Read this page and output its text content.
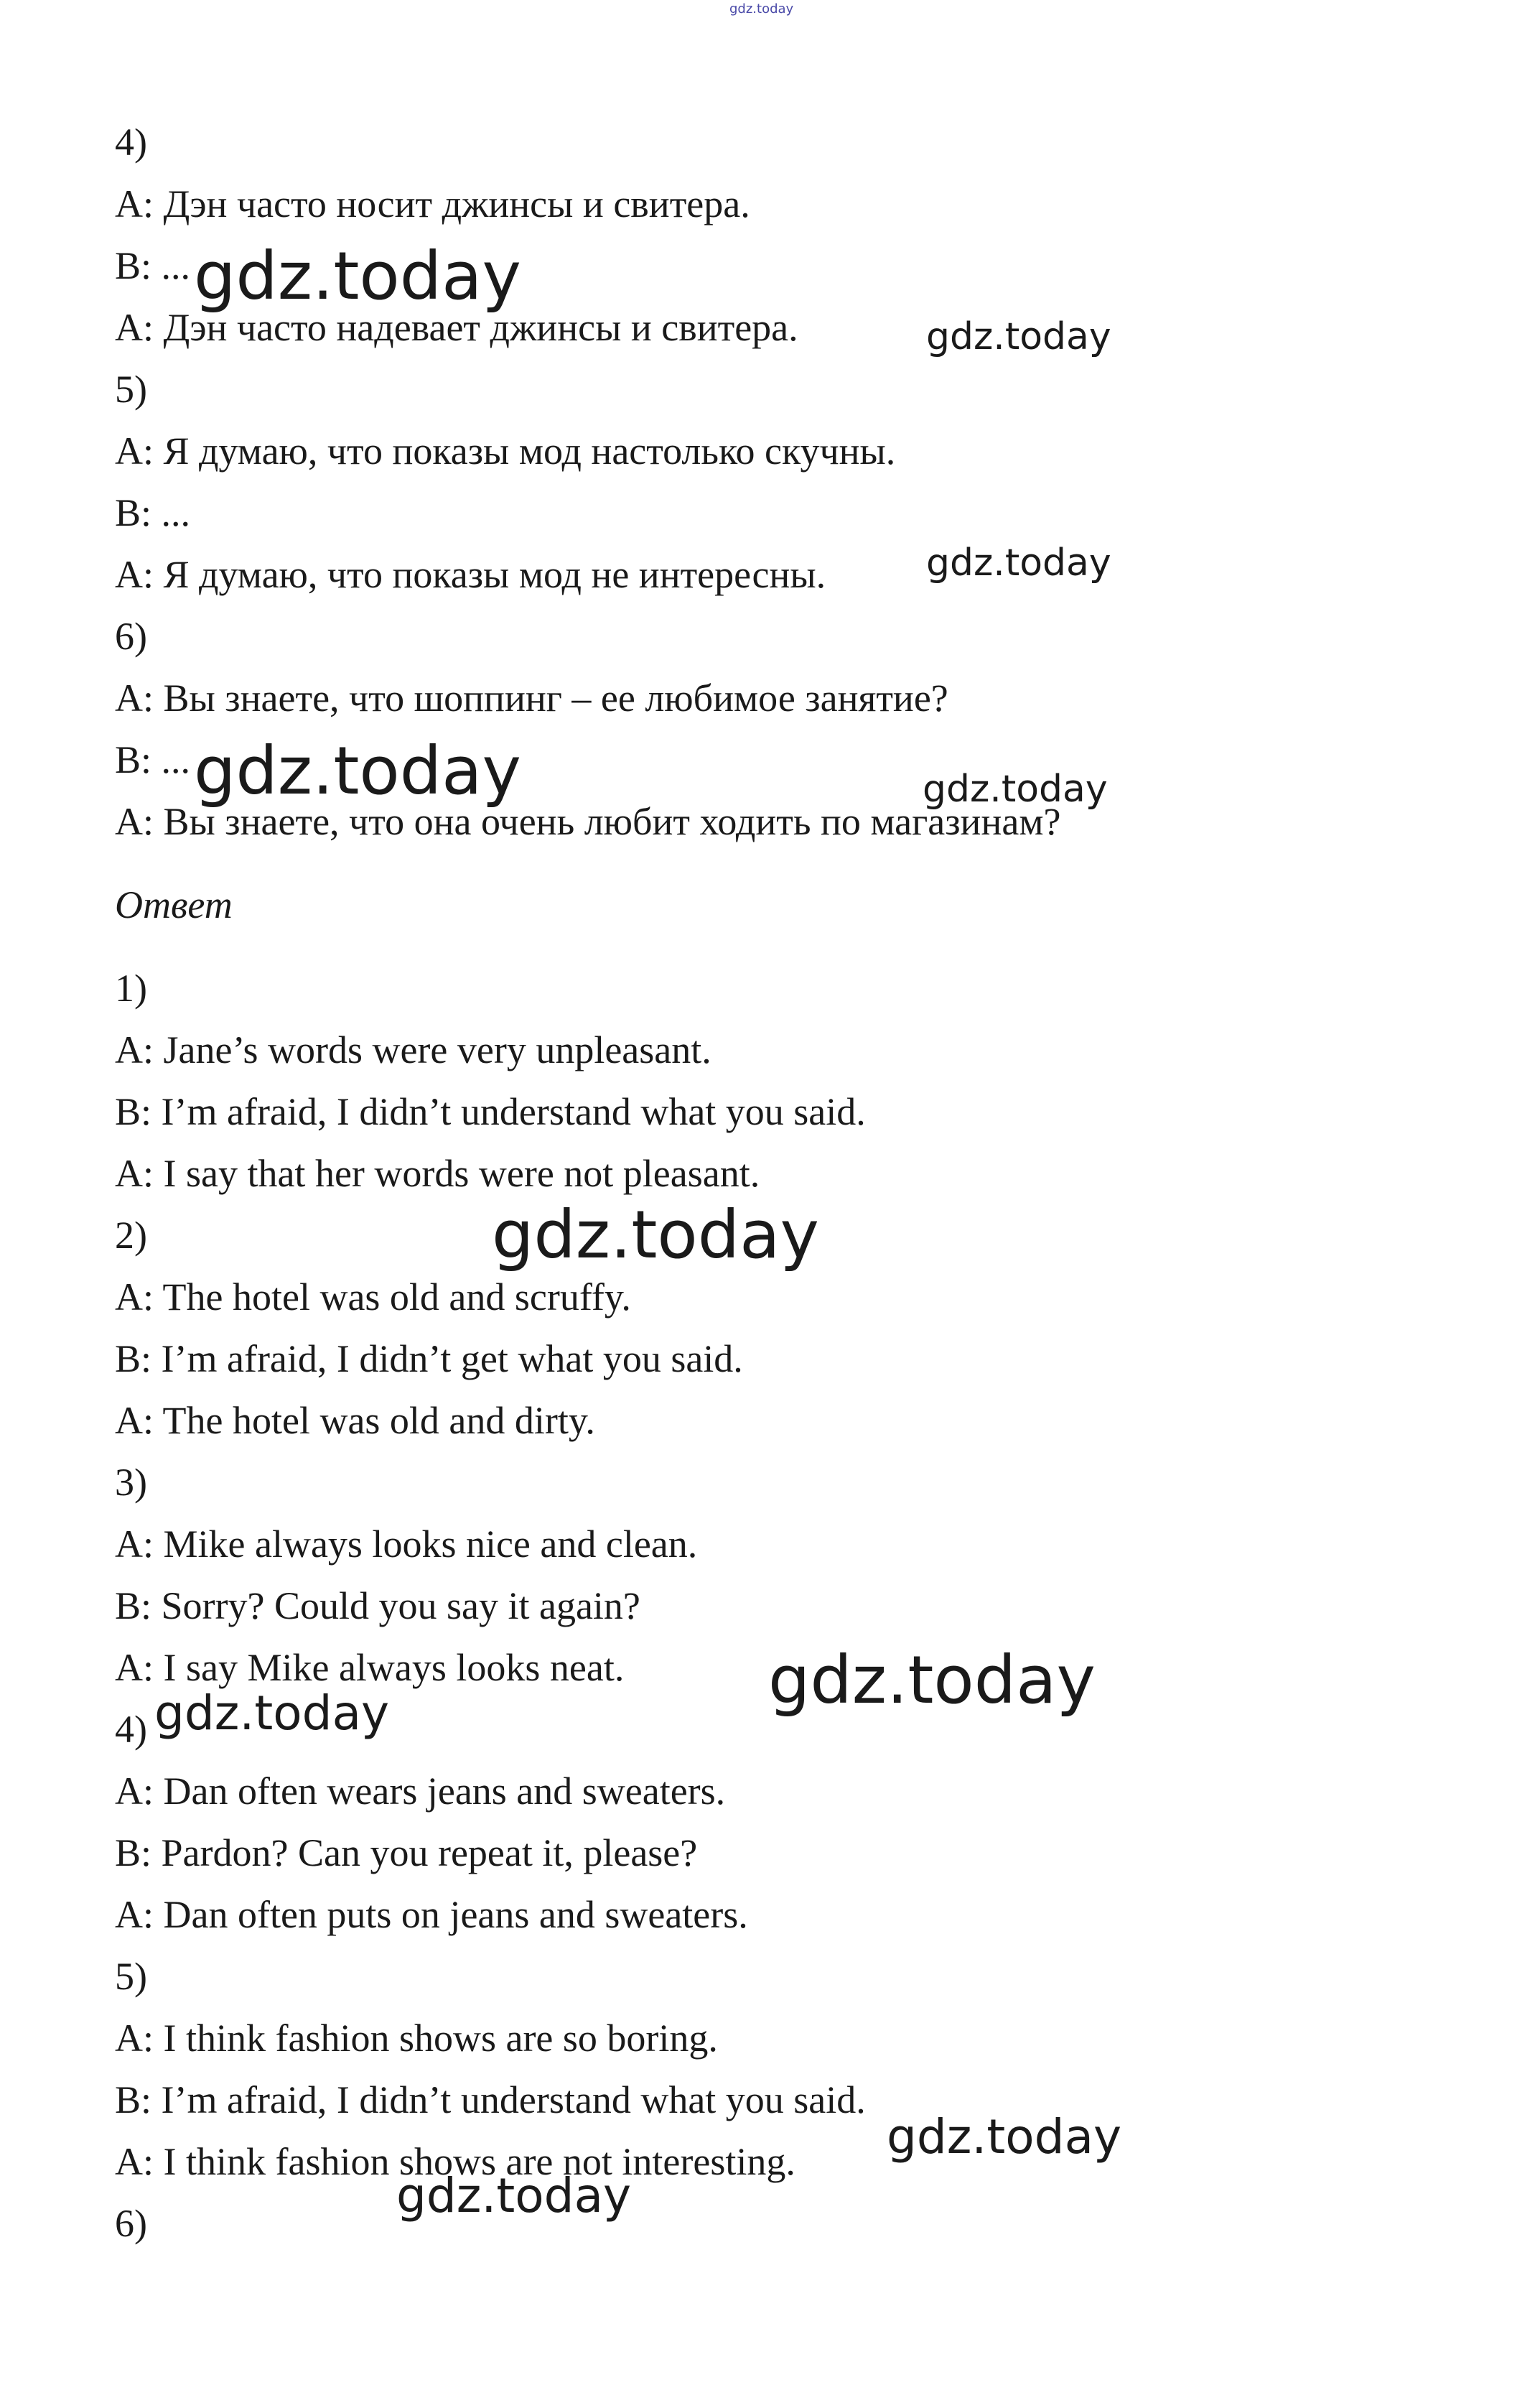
gdz.today
4)
A: Дэн часто носит джинсы и свитера.
B: ...
A: Дэн часто надевает джинсы и свитера.
5)
A: Я думаю, что показы мод настолько скучны.
B: ...
A: Я думаю, что показы мод не интересны.
6)
A: Вы знаете, что шоппинг – ее любимое занятие?
B: ...
A: Вы знаете, что она очень любит ходить по магазинам?
Ответ
1)
A: Jane’s words were very unpleasant.
B: I’m afraid, I didn’t understand what you said.
A: I say that her words were not pleasant.
2)
A: The hotel was old and scruffy.
B: I’m afraid, I didn’t get what you said.
A: The hotel was old and dirty.
3)
A: Mike always looks nice and clean.
B: Sorry? Could you say it again?
A: I say Mike always looks neat.
4)
A: Dan often wears jeans and sweaters.
B: Pardon? Can you repeat it, please?
A: Dan often puts on jeans and sweaters.
5)
A: I think fashion shows are so boring.
B: I’m afraid, I didn’t understand what you said.
A: I think fashion shows are not interesting.
6)
gdz.today
gdz.today
gdz.today
gdz.today	gdz.today
gdz.today
gdz.today
gdz.today
gdz.today
gdz.today
